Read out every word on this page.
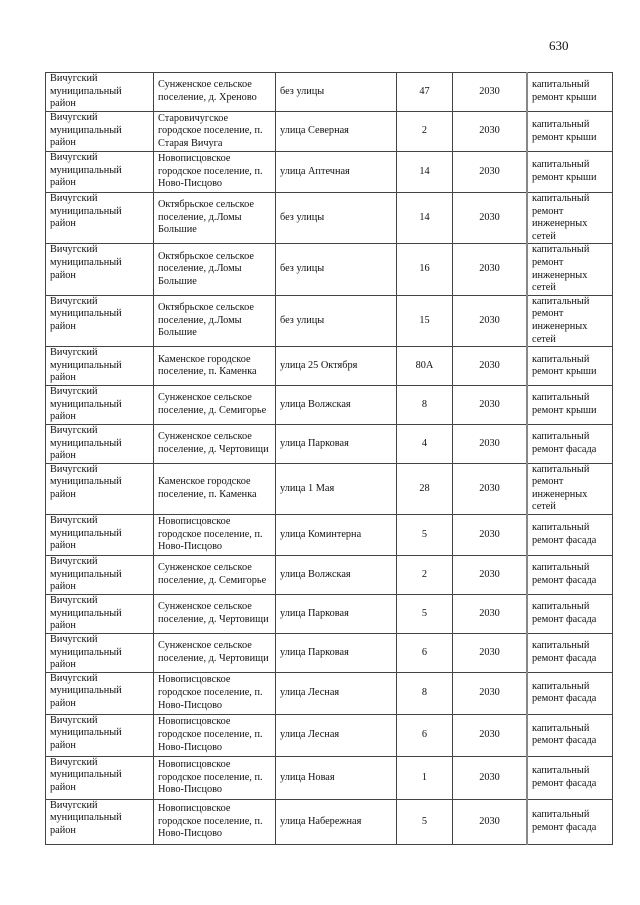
630
Вичугский муниципальный район	Сунженское сельское поселение, д. Хреново	без улицы	47	2030	капитальный ремонт крыши
Вичугский муниципальный район	Старовичугское городское поселение, п. Старая Вичуга	улица Северная	2	2030	капитальный ремонт крыши
Вичугский муниципальный район	Новописцовское городское поселение, п. Ново-Писцово	улица Аптечная	14	2030	капитальный ремонт крыши
Вичугский муниципальный район	Октябрьское сельское поселение, д.Ломы Большие	без улицы	14	2030	капитальный ремонт инженерных сетей
Вичугский муниципальный район	Октябрьское сельское поселение, д.Ломы Большие	без улицы	16	2030	капитальный ремонт инженерных сетей
Вичугский муниципальный район	Октябрьское сельское поселение, д.Ломы Большие	без улицы	15	2030	капитальный ремонт инженерных сетей
Вичугский муниципальный район	Каменское городское поселение, п. Каменка	улица 25 Октября	80А	2030	капитальный ремонт крыши
Вичугский муниципальный район	Сунженское сельское поселение, д. Семигорье	улица Волжская	8	2030	капитальный ремонт крыши
Вичугский муниципальный район	Сунженское сельское поселение, д. Чертовищи	улица Парковая	4	2030	капитальный ремонт фасада
Вичугский муниципальный район	Каменское городское поселение, п. Каменка	улица 1 Мая	28	2030	капитальный ремонт инженерных сетей
Вичугский муниципальный район	Новописцовское городское поселение, п. Ново-Писцово	улица Коминтерна	5	2030	капитальный ремонт фасада
Вичугский муниципальный район	Сунженское сельское поселение, д. Семигорье	улица Волжская	2	2030	капитальный ремонт фасада
Вичугский муниципальный район	Сунженское сельское поселение, д. Чертовищи	улица Парковая	5	2030	капитальный ремонт фасада
Вичугский муниципальный район	Сунженское сельское поселение, д. Чертовищи	улица Парковая	6	2030	капитальный ремонт фасада
Вичугский муниципальный район	Новописцовское городское поселение, п. Ново-Писцово	улица Лесная	8	2030	капитальный ремонт фасада
Вичугский муниципальный район	Новописцовское городское поселение, п. Ново-Писцово	улица Лесная	6	2030	капитальный ремонт фасада
Вичугский муниципальный район	Новописцовское городское поселение, п. Ново-Писцово	улица Новая	1	2030	капитальный ремонт фасада
Вичугский муниципальный район	Новописцовское городское поселение, п. Ново-Писцово	улица Набережная	5	2030	капитальный ремонт фасада
